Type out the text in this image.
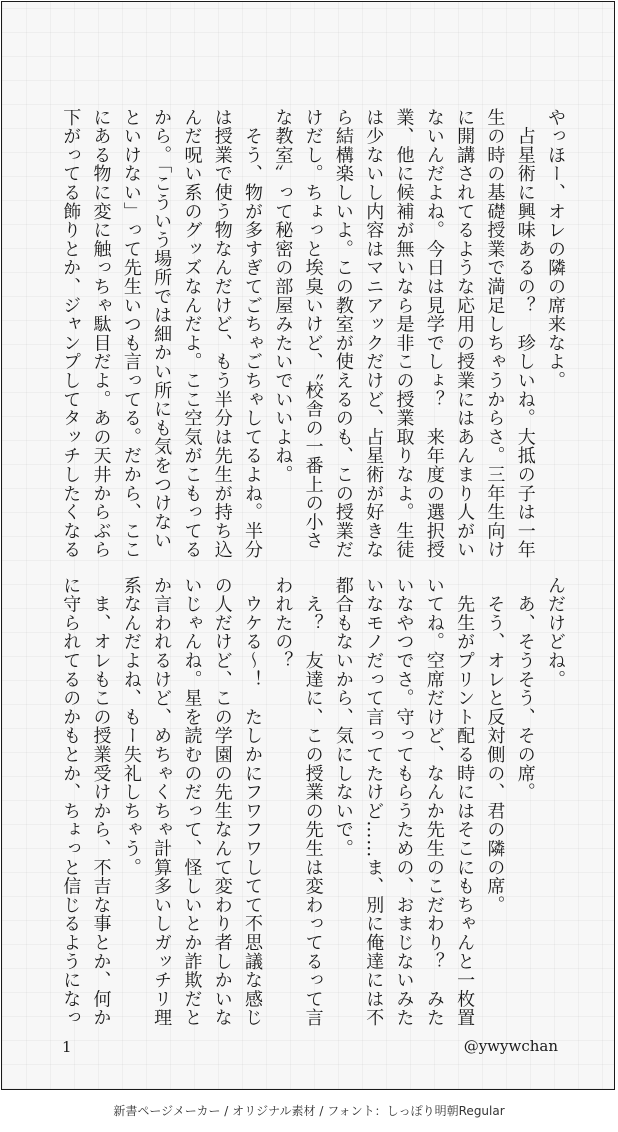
やっほー、オレの隣の席来なよ。

　占星術に興味あるの？　珍しいね。大抵の子は一年

生の時の基礎授業で満足しちゃうからさ。三年生向け

に開講されてるような応用の授業にはあんまり人がい

ないんだよね。今日は見学でしょ？　来年度の選択授

業、他に候補が無いなら是非この授業取りなよ。生徒

は少ないし内容はマニアックだけど、占星術が好きな

ら結構楽しいよ。この教室が使えるのも、この授業だ

けだし。ちょっと埃臭いけど、〝校舎の一番上の小さ

な教室〟って秘密の部屋みたいでいいよね。

　そう、物が多すぎてごちゃごちゃしてるよね。半分

は授業で使う物なんだけど、もう半分は先生が持ち込

んだ呪い系のグッズなんだよ。ここ空気がこもってる

から。「こういう場所では細かい所にも気をつけない

といけない」って先生いつも言ってる。だから、ここ

にある物に変に触っちゃ駄目だよ。あの天井からぶら

下がってる飾りとか、ジャンプしてタッチしたくなる

んだけどね。

　あ、そうそう、その席。

　そう、オレと反対側の、君の隣の席。

　先生がプリント配る時にはそこにもちゃんと一枚置

いてね。空席だけど、なんか先生のこだわり？　みた

いなやつでさ。守ってもらうための、おまじないみた

いなモノだって言ってたけど……ま、別に俺達には不

都合もないから、気にしないで。

　え？　友達に、この授業の先生は変わってるって言

われたの？

　ウケる～！　たしかにフワフワしてて不思議な感じ

の人だけど、この学園の先生なんて変わり者しかいな

いじゃんね。星を読むのだって、怪しいとか詐欺だと

か言われるけど、めちゃくちゃ計算多いしガッチリ理

系なんだよね、もー失礼しちゃう。

　ま、オレもこの授業受けから、不吉な事とか、何か

に守られてるのかもとか、ちょっと信じるようになっ

1	@ywywchan
新書ページメーカー / オリジナル素材 / フォント：しっぽり明朝Regular
